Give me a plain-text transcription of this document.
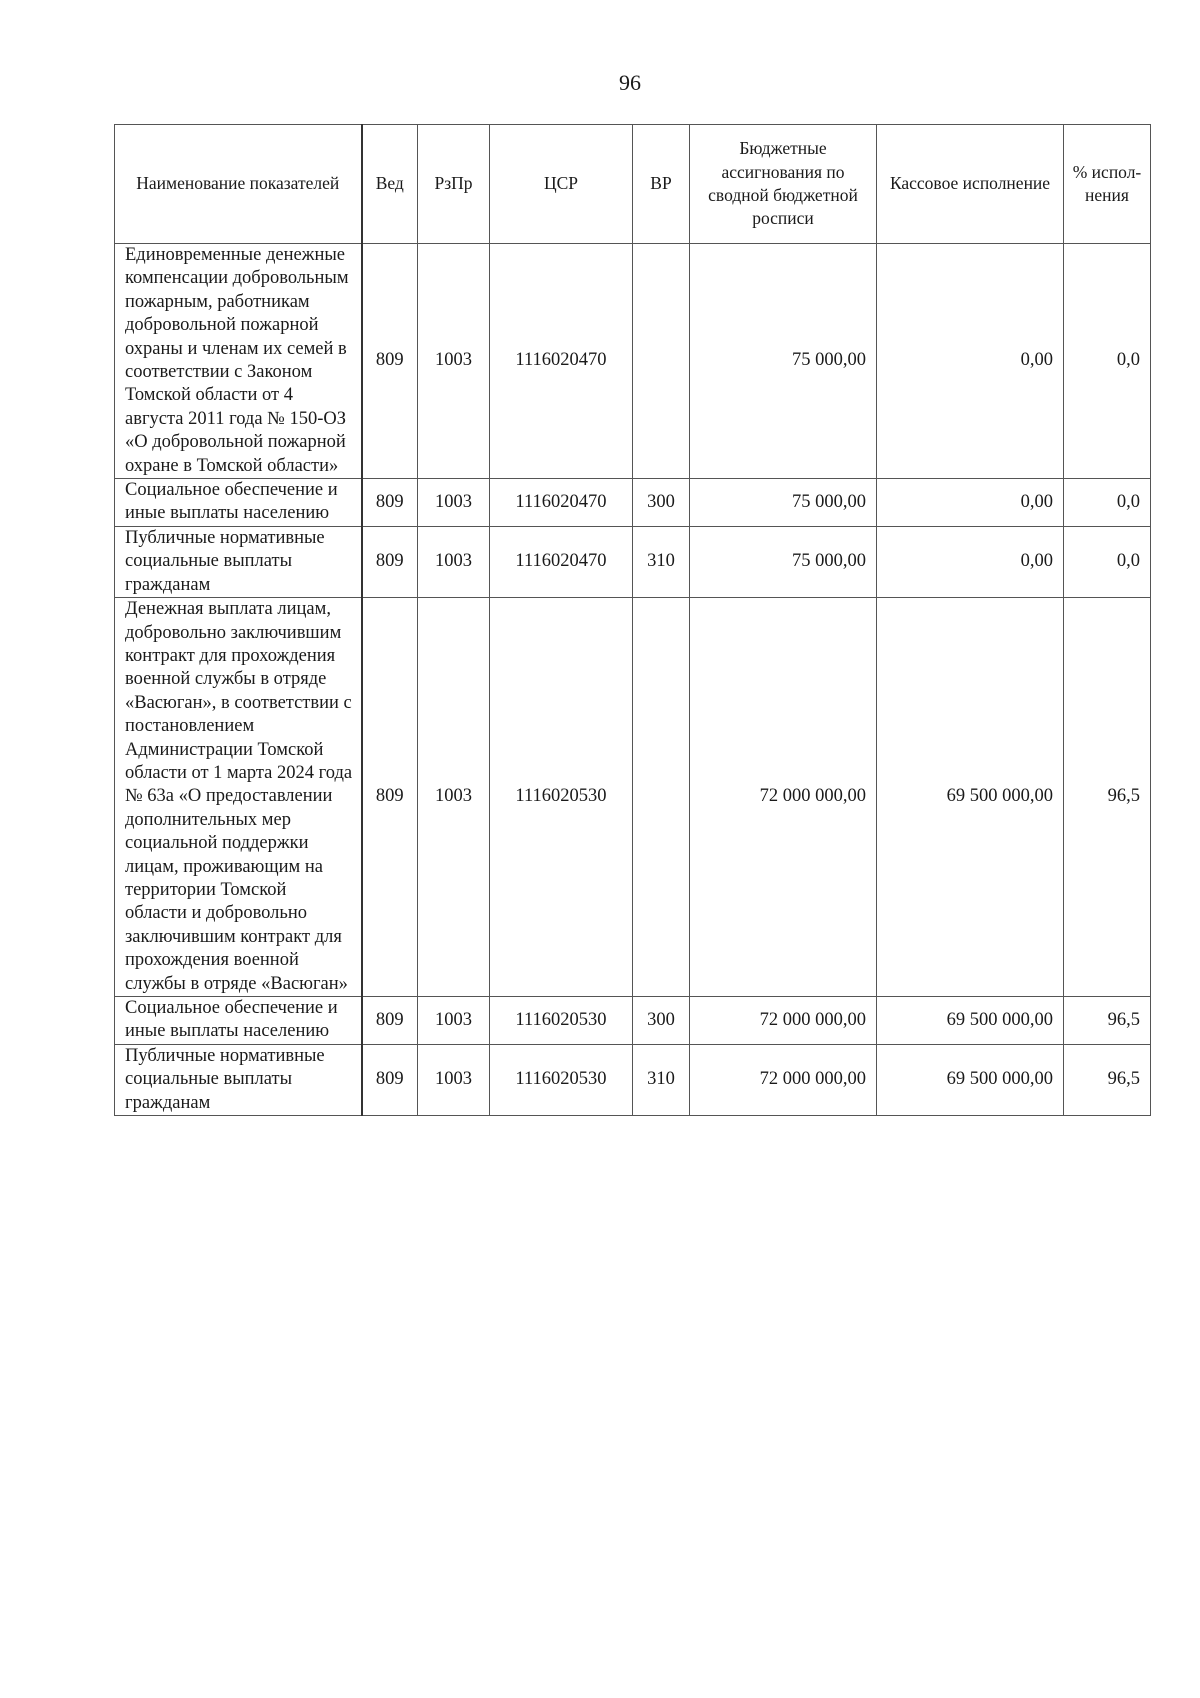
96
Наименование показателей	Вед	РзПр	ЦСР	ВР	Бюджетные ассигнования по сводной бюджетной росписи	Кассовое исполнение	% испол-нения
Единовременные денежные компенсации добровольным пожарным, работникам добровольной пожарной охраны и членам их семей в соответствии с Законом Томской области от 4 августа 2011 года № 150-ОЗ «О добровольной пожарной охране в Томской области»	809	1003	1116020470		75 000,00	0,00	0,0
Социальное обеспечение и иные выплаты населению	809	1003	1116020470	300	75 000,00	0,00	0,0
Публичные нормативные социальные выплаты гражданам	809	1003	1116020470	310	75 000,00	0,00	0,0
Денежная выплата лицам, добровольно заключившим контракт для прохождения военной службы в отряде «Васюган», в соответствии с постановлением Администрации Томской области от 1 марта 2024 года № 63а «О предоставлении дополнительных мер социальной поддержки лицам, проживающим на территории Томской области и добровольно заключившим контракт для прохождения военной службы в отряде «Васюган»	809	1003	1116020530		72 000 000,00	69 500 000,00	96,5
Социальное обеспечение и иные выплаты населению	809	1003	1116020530	300	72 000 000,00	69 500 000,00	96,5
Публичные нормативные социальные выплаты гражданам	809	1003	1116020530	310	72 000 000,00	69 500 000,00	96,5
